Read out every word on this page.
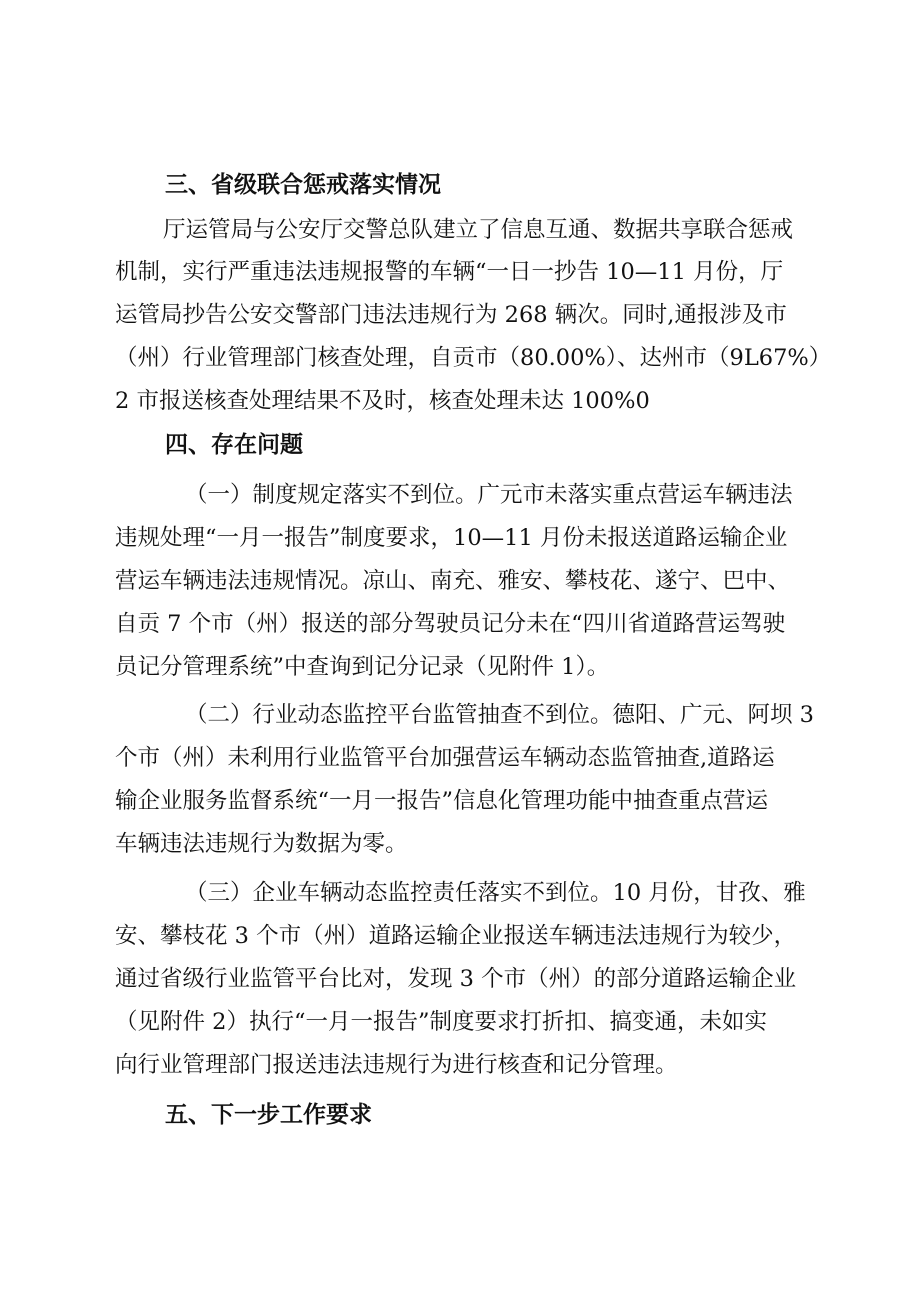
三、省级联合惩戒落实情况
厅运管局与公安厅交警总队建立了信息互通、数据共享联合惩戒
机制，实行严重违法违规报警的车辆“一日一抄告 10—11 月份，厅
运管局抄告公安交警部门违法违规行为 268 辆次。同时,通报涉及市
（州）行业管理部门核查处理，自贡市（80.00%）、达州市（9L67%）
2 市报送核查处理结果不及时，核查处理未达 100%0
四、存在问题
（一）制度规定落实不到位。广元市未落实重点营运车辆违法
违规处理“一月一报告”制度要求，10—11 月份未报送道路运输企业
营运车辆违法违规情况。凉山、南充、雅安、攀枝花、遂宁、巴中、
自贡 7 个市（州）报送的部分驾驶员记分未在“四川省道路营运驾驶
员记分管理系统”中查询到记分记录（见附件 1）。
（二）行业动态监控平台监管抽查不到位。德阳、广元、阿坝 3
个市（州）未利用行业监管平台加强营运车辆动态监管抽查,道路运
输企业服务监督系统“一月一报告”信息化管理功能中抽查重点营运
车辆违法违规行为数据为零。
（三）企业车辆动态监控责任落实不到位。10 月份，甘孜、雅
安、攀枝花 3 个市（州）道路运输企业报送车辆违法违规行为较少，
通过省级行业监管平台比对，发现 3 个市（州）的部分道路运输企业
（见附件 2）执行“一月一报告”制度要求打折扣、搞变通，未如实
向行业管理部门报送违法违规行为进行核查和记分管理。
五、下一步工作要求
